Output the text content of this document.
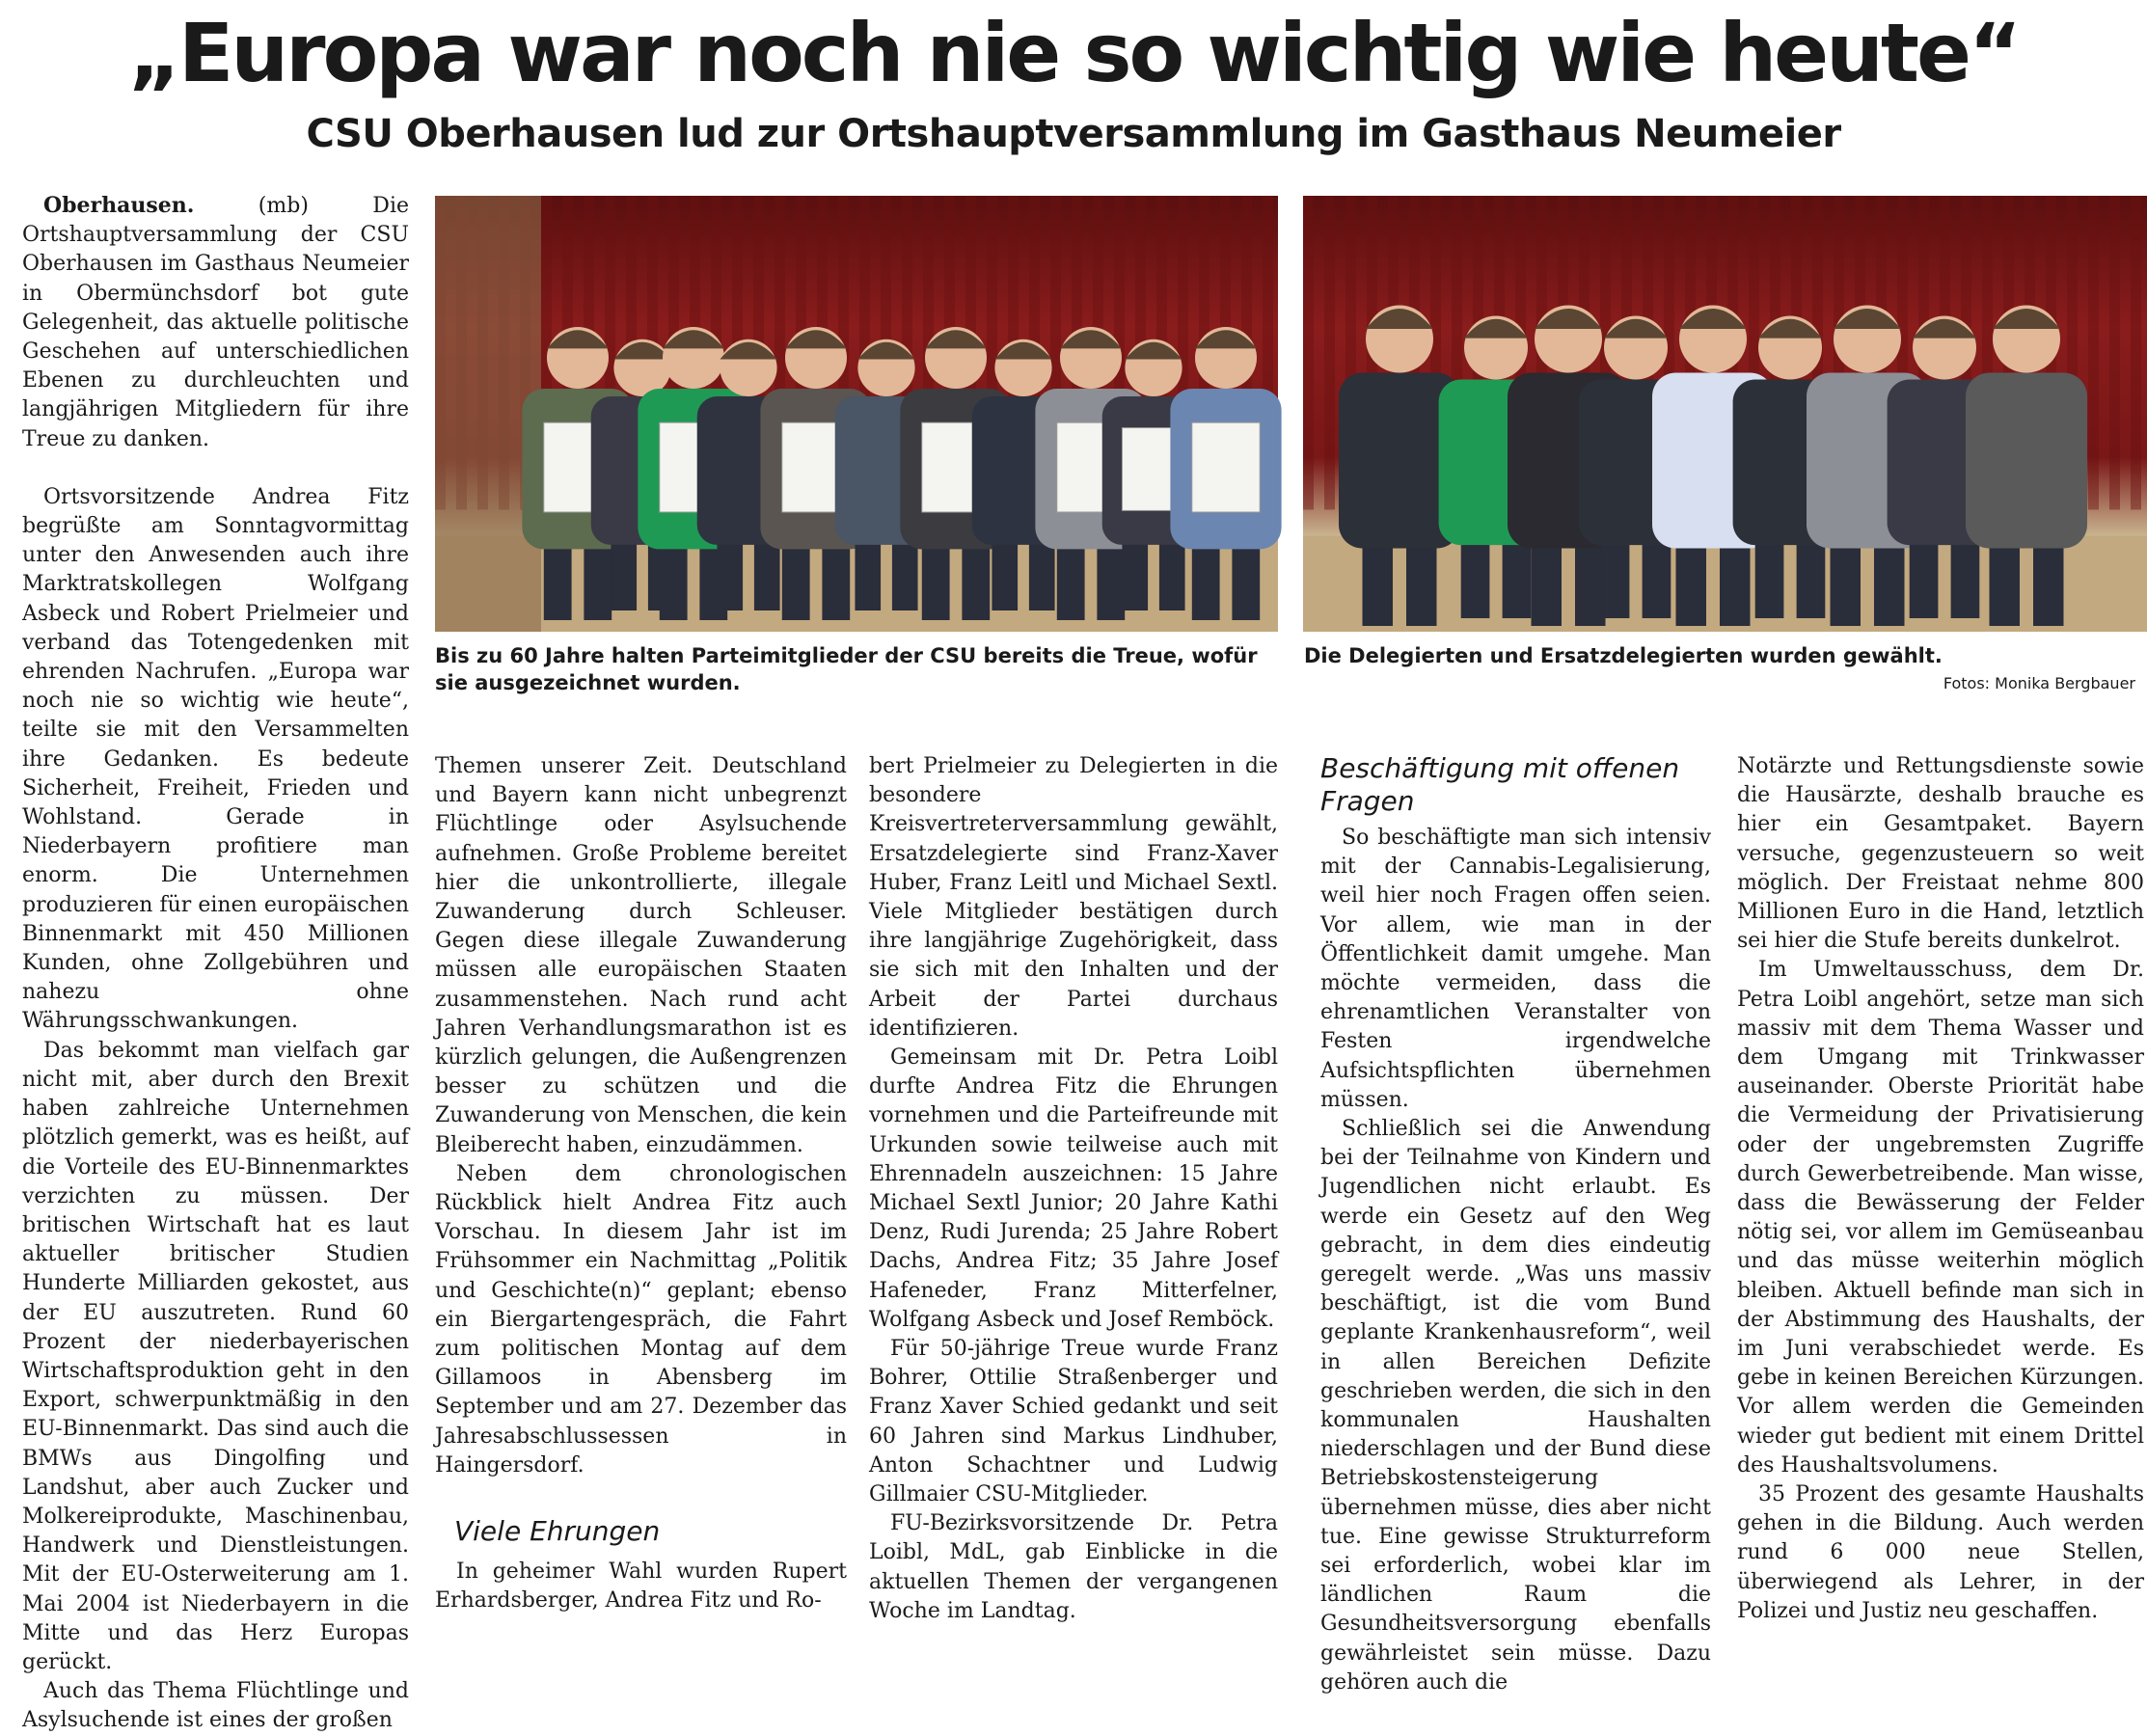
„Europa war noch nie so wichtig wie heute“
CSU Oberhausen lud zur Ortshauptversammlung im Gasthaus Neumeier

Bis zu 60 Jahre halten Parteimitglieder der CSU bereits die Treue, wofür sie ausgezeichnet wurden.

Die Delegierten und Ersatzdelegierten wurden gewählt.

Fotos: Monika Bergbauer

Oberhausen. (mb) Die Ortshauptversammlung der CSU Oberhausen im Gasthaus Neumeier in Obermünchsdorf bot gute Gelegenheit, das aktuelle politische Geschehen auf unterschiedlichen Ebenen zu durchleuchten und langjährigen Mitgliedern für ihre Treue zu danken.

Ortsvorsitzende Andrea Fitz begrüßte am Sonntagvormittag unter den Anwesenden auch ihre Marktratskollegen Wolfgang Asbeck und Robert Prielmeier und verband das Totengedenken mit ehrenden Nachrufen. „Europa war noch nie so wichtig wie heute“, teilte sie mit den Versammelten ihre Gedanken. Es bedeute Sicherheit, Freiheit, Frieden und Wohlstand. Gerade in Niederbayern profitiere man enorm. Die Unternehmen produzieren für einen europäischen Binnenmarkt mit 450 Millionen Kunden, ohne Zollgebühren und nahezu ohne Währungsschwankungen.

Das bekommt man vielfach gar nicht mit, aber durch den Brexit haben zahlreiche Unternehmen plötzlich gemerkt, was es heißt, auf die Vorteile des EU-Binnenmarktes verzichten zu müssen. Der britischen Wirtschaft hat es laut aktueller britischer Studien Hunderte Milliarden gekostet, aus der EU auszutreten. Rund 60 Prozent der niederbayerischen Wirtschaftsproduktion geht in den Export, schwerpunktmäßig in den EU-Binnenmarkt. Das sind auch die BMWs aus Dingolfing und Landshut, aber auch Zucker und Molkereiprodukte, Maschinenbau, Handwerk und Dienstleistungen. Mit der EU-Osterweiterung am 1. Mai 2004 ist Niederbayern in die Mitte und das Herz Europas gerückt.

Auch das Thema Flüchtlinge und Asylsuchende ist eines der großen

Themen unserer Zeit. Deutschland und Bayern kann nicht unbegrenzt Flüchtlinge oder Asylsuchende aufnehmen. Große Probleme bereitet hier die unkontrollierte, illegale Zuwanderung durch Schleuser. Gegen diese illegale Zuwanderung müssen alle europäischen Staaten zusammenstehen. Nach rund acht Jahren Verhandlungsmarathon ist es kürzlich gelungen, die Außengrenzen besser zu schützen und die Zuwanderung von Menschen, die kein Bleiberecht haben, einzudämmen.

Neben dem chronologischen Rückblick hielt Andrea Fitz auch Vorschau. In diesem Jahr ist im Frühsommer ein Nachmittag „Politik und Geschichte(n)“ geplant; ebenso ein Biergartengespräch, die Fahrt zum politischen Montag auf dem Gillamoos in Abensberg im September und am 27. Dezember das Jahresabschlussessen in Haingersdorf.

Viele Ehrungen

In geheimer Wahl wurden Rupert Erhardsberger, Andrea Fitz und Ro-

bert Prielmeier zu Delegierten in die besondere Kreisvertreterversammlung gewählt, Ersatzdelegierte sind Franz-Xaver Huber, Franz Leitl und Michael Sextl. Viele Mitglieder bestätigen durch ihre langjährige Zugehörigkeit, dass sie sich mit den Inhalten und der Arbeit der Partei durchaus identifizieren.

Gemeinsam mit Dr. Petra Loibl durfte Andrea Fitz die Ehrungen vornehmen und die Parteifreunde mit Urkunden sowie teilweise auch mit Ehrennadeln auszeichnen: 15 Jahre Michael Sextl Junior; 20 Jahre Kathi Denz, Rudi Jurenda; 25 Jahre Robert Dachs, Andrea Fitz; 35 Jahre Josef Hafeneder, Franz Mitterfelner, Wolfgang Asbeck und Josef Remböck.

Für 50-jährige Treue wurde Franz Bohrer, Ottilie Straßenberger und Franz Xaver Schied gedankt und seit 60 Jahren sind Markus Lindhuber, Anton Schachtner und Ludwig Gillmaier CSU-Mitglieder.

FU-Bezirksvorsitzende Dr. Petra Loibl, MdL, gab Einblicke in die aktuellen Themen der vergangenen Woche im Landtag.

Beschäftigung mit offenen Fragen

So beschäftigte man sich intensiv mit der Cannabis-Legalisierung, weil hier noch Fragen offen seien. Vor allem, wie man in der Öffentlichkeit damit umgehe. Man möchte vermeiden, dass die ehrenamtlichen Veranstalter von Festen irgendwelche Aufsichtspflichten übernehmen müssen.

Schließlich sei die Anwendung bei der Teilnahme von Kindern und Jugendlichen nicht erlaubt. Es werde ein Gesetz auf den Weg gebracht, in dem dies eindeutig geregelt werde. „Was uns massiv beschäftigt, ist die vom Bund geplante Krankenhausreform“, weil in allen Bereichen Defizite geschrieben werden, die sich in den kommunalen Haushalten niederschlagen und der Bund diese Betriebskostensteigerung übernehmen müsse, dies aber nicht tue. Eine gewisse Strukturreform sei erforderlich, wobei klar im ländlichen Raum die Gesundheitsversorgung ebenfalls gewährleistet sein müsse. Dazu gehören auch die

Notärzte und Rettungsdienste sowie die Hausärzte, deshalb brauche es hier ein Gesamtpaket. Bayern versuche, gegenzusteuern so weit möglich. Der Freistaat nehme 800 Millionen Euro in die Hand, letztlich sei hier die Stufe bereits dunkelrot.

Im Umweltausschuss, dem Dr. Petra Loibl angehört, setze man sich massiv mit dem Thema Wasser und dem Umgang mit Trinkwasser auseinander. Oberste Priorität habe die Vermeidung der Privatisierung oder der ungebremsten Zugriffe durch Gewerbetreibende. Man wisse, dass die Bewässerung der Felder nötig sei, vor allem im Gemüseanbau und das müsse weiterhin möglich bleiben. Aktuell befinde man sich in der Abstimmung des Haushalts, der im Juni verabschiedet werde. Es gebe in keinen Bereichen Kürzungen. Vor allem werden die Gemeinden wieder gut bedient mit einem Drittel des Haushaltsvolumens.

35 Prozent des gesamte Haushalts gehen in die Bildung. Auch werden rund 6 000 neue Stellen, überwiegend als Lehrer, in der Polizei und Justiz neu geschaffen.
